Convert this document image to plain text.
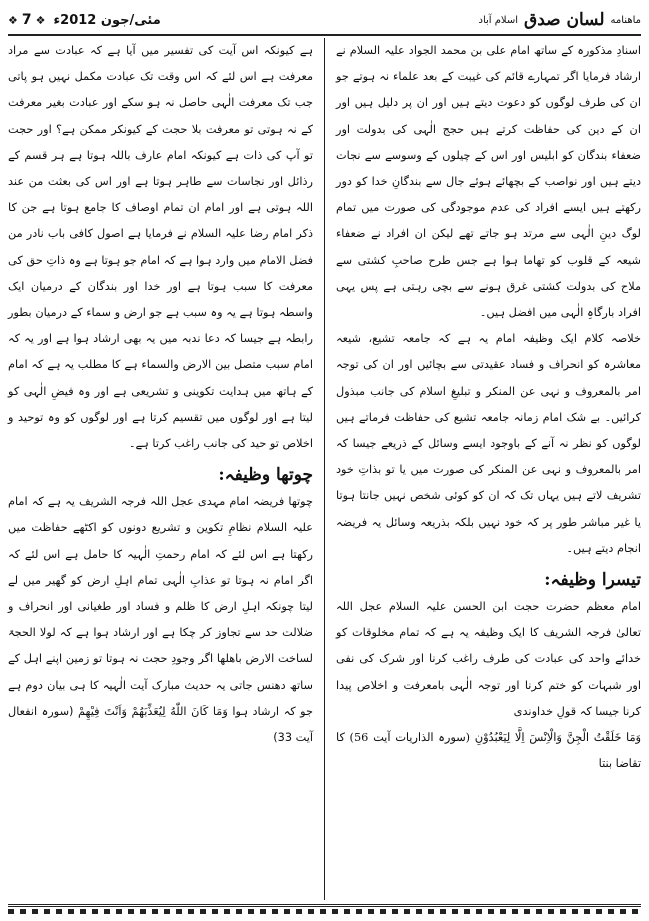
ماهنامه
لسان صدق
اسلام آباد
❖ 7 ❖ مئی/جون 2012ء

اسنادِ مذکورہ کے ساتھ امام علی بن محمد الجواد علیہ السلام نے ارشاد فرمایا اگر تمہارے قائم کی غیبت کے بعد علماء نہ ہوتے جو ان کی طرف لوگوں کو دعوت دیتے ہیں اور ان پر دلیل ہیں اور ان کے دین کی حفاظت کرتے ہیں حجج الٰہی کی بدولت اور ضعفاء بندگان کو ابلیس اور اس کے چیلوں کے وسوسے سے نجات دیتے ہیں اور نواصب کے بچھائے ہوئے جال سے بندگانِ خدا کو دور رکھتے ہیں ایسے افراد کی عدم موجودگی کی صورت میں تمام لوگ دینِ الٰہی سے مرتد ہو جاتے تھے لیکن ان افراد نے ضعفاء شیعہ کے قلوب کو تھاما ہوا ہے جس طرح صاحبِ کشتی سے ملاح کی بدولت کشتی غرق ہونے سے بچی رہتی ہے پس یہی افراد بارگاہِ الٰہی میں افضل ہیں۔

خلاصہ کلام ایک وظیفہ امام یہ ہے کہ جامعہ تشیع، شیعہ معاشرہ کو انحراف و فساد عقیدتی سے بچائیں اور ان کی توجہ امر بالمعروف و نہی عن المنکر و تبلیغِ اسلام کی جانب مبذول کرائیں۔ بے شک امام زمانہ جامعہ تشیع کی حفاظت فرماتے ہیں لوگوں کو نظر نہ آنے کے باوجود ایسے وسائل کے ذریعے جیسا کہ امر بالمعروف و نہی عن المنکر کی صورت میں یا تو بذاتِ خود تشریف لاتے ہیں یہاں تک کہ ان کو کوئی شخص نہیں جانتا ہوتا یا غیر مباشر طور پر کہ خود نہیں بلکہ بذریعہ وسائل یہ فریضہ انجام دیتے ہیں۔

تیسرا وظیفہ:

امام معظم حضرت حجت ابن الحسن علیہ السلام عجل اللہ تعالیٰ فرجہ الشریف کا ایک وظیفہ یہ ہے کہ تمام مخلوقات کو خدائے واحد کی عبادت کی طرف راغب کرنا اور شرک کی نفی اور شبہات کو ختم کرنا اور توجہ الٰہی بامعرفت و اخلاص پیدا کرنا جیسا کہ قولِ خداوندی

وَمَا خَلَقْتُ الْجِنَّ وَالْاِنْسَ اِلَّا لِيَعْبُدُوْنِ (سورہ الذاریات آیت 56) کا تقاضا بنتا

ہے کیونکہ اس آیت کی تفسیر میں آیا ہے کہ عبادت سے مراد معرفت ہے اس لئے کہ اس وقت تک عبادت مکمل نہیں ہو پاتی جب تک معرفت الٰہی حاصل نہ ہو سکے اور عبادت بغیر معرفت کے نہ ہوتی تو معرفت بلا حجت کے کیونکر ممکن ہے؟ اور حجت تو آپ کی ذات ہے کیونکہ امام عارف باللہ ہوتا ہے ہر قسم کے رذائل اور نجاسات سے طاہر ہوتا ہے اور اس کی بعثت من عند اللہ ہوتی ہے اور امام ان تمام اوصاف کا جامع ہوتا ہے جن کا ذکر امام رضا علیہ السلام نے فرمایا ہے اصول کافی باب نادر من فضل الامام میں وارد ہوا ہے کہ امام جو ہوتا ہے وہ ذاتِ حق کی معرفت کا سبب ہوتا ہے اور خدا اور بندگان کے درمیان ایک واسطہ ہوتا ہے یہ وہ سبب ہے جو ارض و سماء کے درمیان بطور رابطہ ہے جیسا کہ دعا ندبہ میں یہ بھی ارشاد ہوا ہے اور یہ کہ امام سبب متصل بین الارض والسماء ہے کا مطلب یہ ہے کہ امام کے ہاتھ میں ہدایت تکوینی و تشریعی ہے اور وہ فیضِ الٰہی کو لیتا ہے اور لوگوں میں تقسیم کرتا ہے اور لوگوں کو وہ توحید و اخلاص تو حید کی جانب راغب کرتا ہے۔

چوتھا وظیفہ:

چوتھا فریضہ امام مہدی عجل اللہ فرجہ الشریف یہ ہے کہ امام علیہ السلام نظامِ تکوین و تشریع دونوں کو اکٹھے حفاظت میں رکھتا ہے اس لئے کہ امام رحمتِ الٰہیہ کا حامل ہے اس لئے کہ اگر امام نہ ہوتا تو عذابِ الٰہی تمام اہلِ ارض کو گھیر میں لے لیتا چونکہ اہلِ ارض کا ظلم و فساد اور طغیانی اور انحراف و ضلالت حد سے تجاوز کر چکا ہے اور ارشاد ہوا ہے کہ لولا الحجۃ لساخت الارض باهلها اگر وجودِ حجت نہ ہوتا تو زمین اپنے اہل کے ساتھ دھنس جاتی یہ حدیث مبارک آیت الٰہیہ کا ہی بیان دوم ہے جو کہ ارشاد ہوا وَمَا كَانَ اللّٰهُ لِيُعَذِّبَهُمْ وَاَنْتَ فِيْهِمْ (سورہ انفعال آیت 33)
